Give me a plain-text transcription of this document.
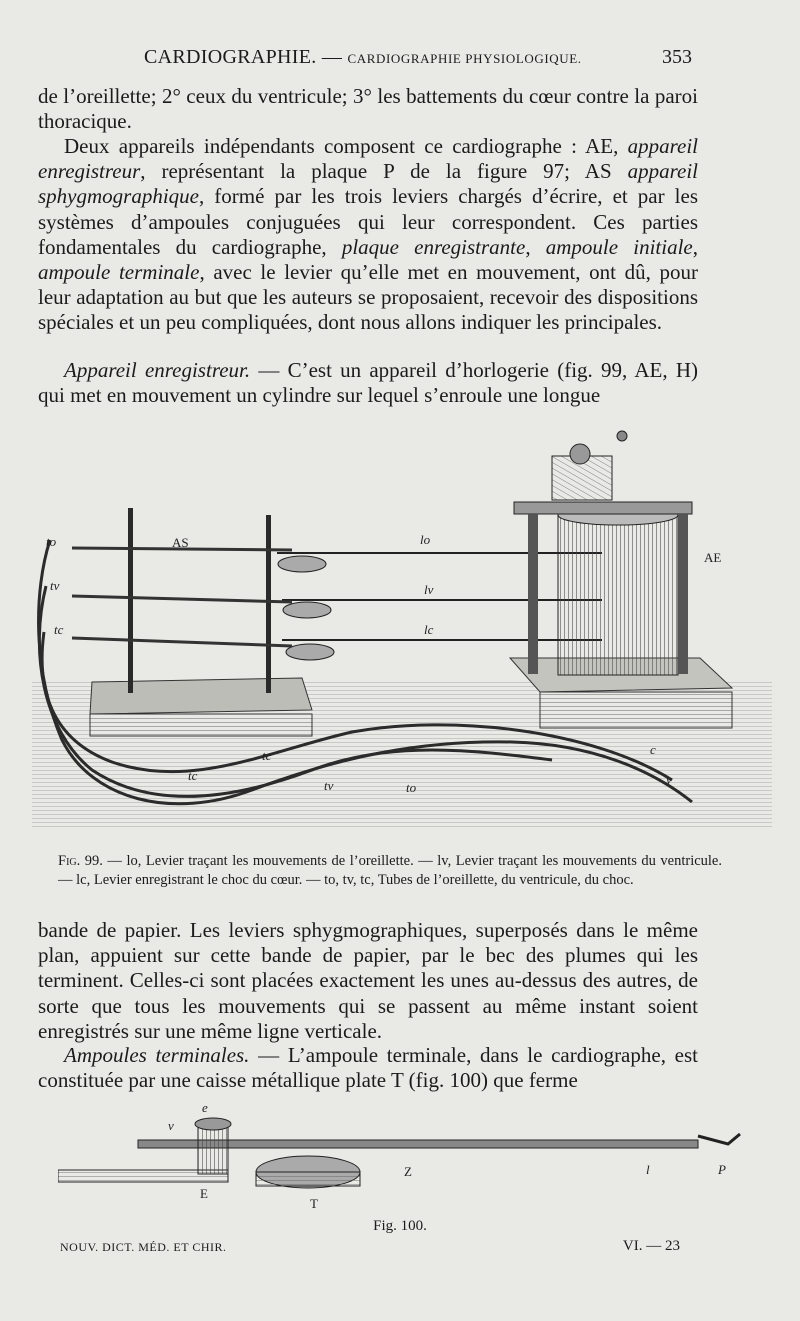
CARDIOGRAPHIE. — CARDIOGRAPHIE PHYSIOLOGIQUE.	353

de l’oreillette; 2° ceux du ventricule; 3° les battements du cœur contre la paroi thoracique.

Deux appareils indépendants composent ce cardiographe : AE, appareil enregistreur, représentant la plaque P de la figure 97; AS appareil sphygmographique, formé par les trois leviers chargés d’écrire, et par les systèmes d’ampoules conjuguées qui leur correspondent. Ces parties fondamentales du cardiographe, plaque enregistrante, ampoule initiale, ampoule terminale, avec le levier qu’elle met en mouvement, ont dû, pour leur adaptation au but que les auteurs se proposaient, recevoir des dispositions spéciales et un peu compliquées, dont nous allons indiquer les principales.

Appareil enregistreur. — C’est un appareil d’horlogerie (fig. 99, AE, H) qui met en mouvement un cylindre sur lequel s’enroule une longue

to
tv
tc
AS	lo
lv
lc
AE
tc
tc
tv	to
c
v
Fig. 99. — lo, Levier traçant les mouvements de l’oreillette. — lv, Levier traçant les mouvements du ventricule. — lc, Levier enregistrant le choc du cœur. — to, tv, tc, Tubes de l’oreillette, du ventricule, du choc.

bande de papier. Les leviers sphygmographiques, superposés dans le même plan, appuient sur cette bande de papier, par le bec des plumes qui les terminent. Celles-ci sont placées exactement les unes au-dessus des autres, de sorte que tous les mouvements qui se passent au même instant soient enregistrés sur une même ligne verticale.

Ampoules terminales. — L’ampoule terminale, dans le cardiographe, est constituée par une caisse métallique plate T (fig. 100) que ferme

v
e
E
T
Z	l	P
Fig. 100.
NOUV. DICT. MÉD. ET CHIR.	VI. — 23
